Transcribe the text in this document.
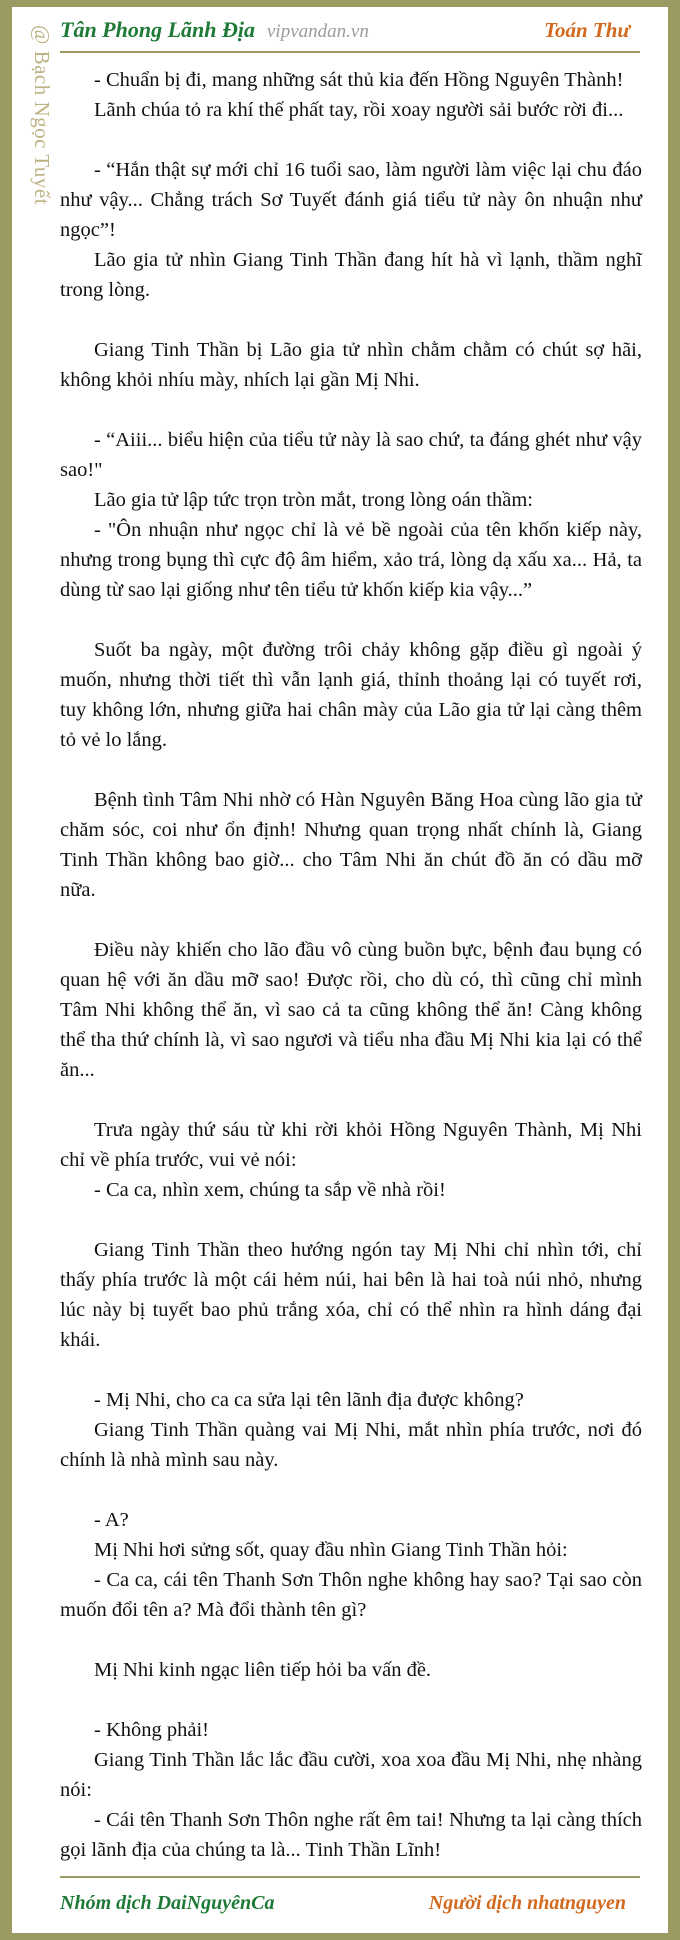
@ Bạch Ngọc Tuyết Tân Phong Lãnh Địa vipvandan.vn	Toán Thư

- Chuẩn bị đi, mang những sát thủ kia đến Hồng Nguyên Thành!

Lãnh chúa tỏ ra khí thế phất tay, rồi xoay người sải bước rời đi...

- “Hắn thật sự mới chỉ 16 tuổi sao, làm người làm việc lại chu đáo như vậy... Chẳng trách Sơ Tuyết đánh giá tiểu tử này ôn nhuận như ngọc”!

Lão gia tử nhìn Giang Tinh Thần đang hít hà vì lạnh, thầm nghĩ trong lòng.

Giang Tinh Thần bị Lão gia tử nhìn chằm chằm có chút sợ hãi, không khỏi nhíu mày, nhích lại gần Mị Nhi.

- “Aiii... biểu hiện của tiểu tử này là sao chứ, ta đáng ghét như vậy sao!"

Lão gia tử lập tức trọn tròn mắt, trong lòng oán thầm:

- "Ôn nhuận như ngọc chỉ là vẻ bề ngoài của tên khốn kiếp này, nhưng trong bụng thì cực độ âm hiểm, xảo trá, lòng dạ xấu xa... Hả, ta dùng từ sao lại giống như tên tiểu tử khốn kiếp kia vậy...”

Suốt ba ngày, một đường trôi chảy không gặp điều gì ngoài ý muốn, nhưng thời tiết thì vẫn lạnh giá, thỉnh thoảng lại có tuyết rơi, tuy không lớn, nhưng giữa hai chân mày của Lão gia tử lại càng thêm tỏ vẻ lo lắng.

Bệnh tình Tâm Nhi nhờ có Hàn Nguyên Băng Hoa cùng lão gia tử chăm sóc, coi như ổn định! Nhưng quan trọng nhất chính là, Giang Tinh Thần không bao giờ... cho Tâm Nhi ăn chút đồ ăn có dầu mỡ nữa.

Điều này khiến cho lão đầu vô cùng buồn bực, bệnh đau bụng có quan hệ với ăn dầu mỡ sao! Được rồi, cho dù có, thì cũng chỉ mình Tâm Nhi không thể ăn, vì sao cả ta cũng không thể ăn! Càng không thể tha thứ chính là, vì sao ngươi và tiểu nha đầu Mị Nhi kia lại có thể ăn...

Trưa ngày thứ sáu từ khi rời khỏi Hồng Nguyên Thành, Mị Nhi chỉ về phía trước, vui vẻ nói:

- Ca ca, nhìn xem, chúng ta sắp về nhà rồi!

Giang Tinh Thần theo hướng ngón tay Mị Nhi chỉ nhìn tới, chỉ thấy phía trước là một cái hẻm núi, hai bên là hai toà núi nhỏ, nhưng lúc này bị tuyết bao phủ trắng xóa, chỉ có thể nhìn ra hình dáng đại khái.

- Mị Nhi, cho ca ca sửa lại tên lãnh địa được không?

Giang Tinh Thần quàng vai Mị Nhi, mắt nhìn phía trước, nơi đó chính là nhà mình sau này.

- A?

Mị Nhi hơi sửng sốt, quay đầu nhìn Giang Tinh Thần hỏi:

- Ca ca, cái tên Thanh Sơn Thôn nghe không hay sao? Tại sao còn muốn đổi tên a? Mà đổi thành tên gì?

Mị Nhi kinh ngạc liên tiếp hỏi ba vấn đề.

- Không phải!

Giang Tinh Thần lắc lắc đầu cười, xoa xoa đầu Mị Nhi, nhẹ nhàng nói:

- Cái tên Thanh Sơn Thôn nghe rất êm tai! Nhưng ta lại càng thích gọi lãnh địa của chúng ta là... Tinh Thần Lĩnh!

Nhóm dịch DaiNguyênCa	Người dịch nhatnguyen
